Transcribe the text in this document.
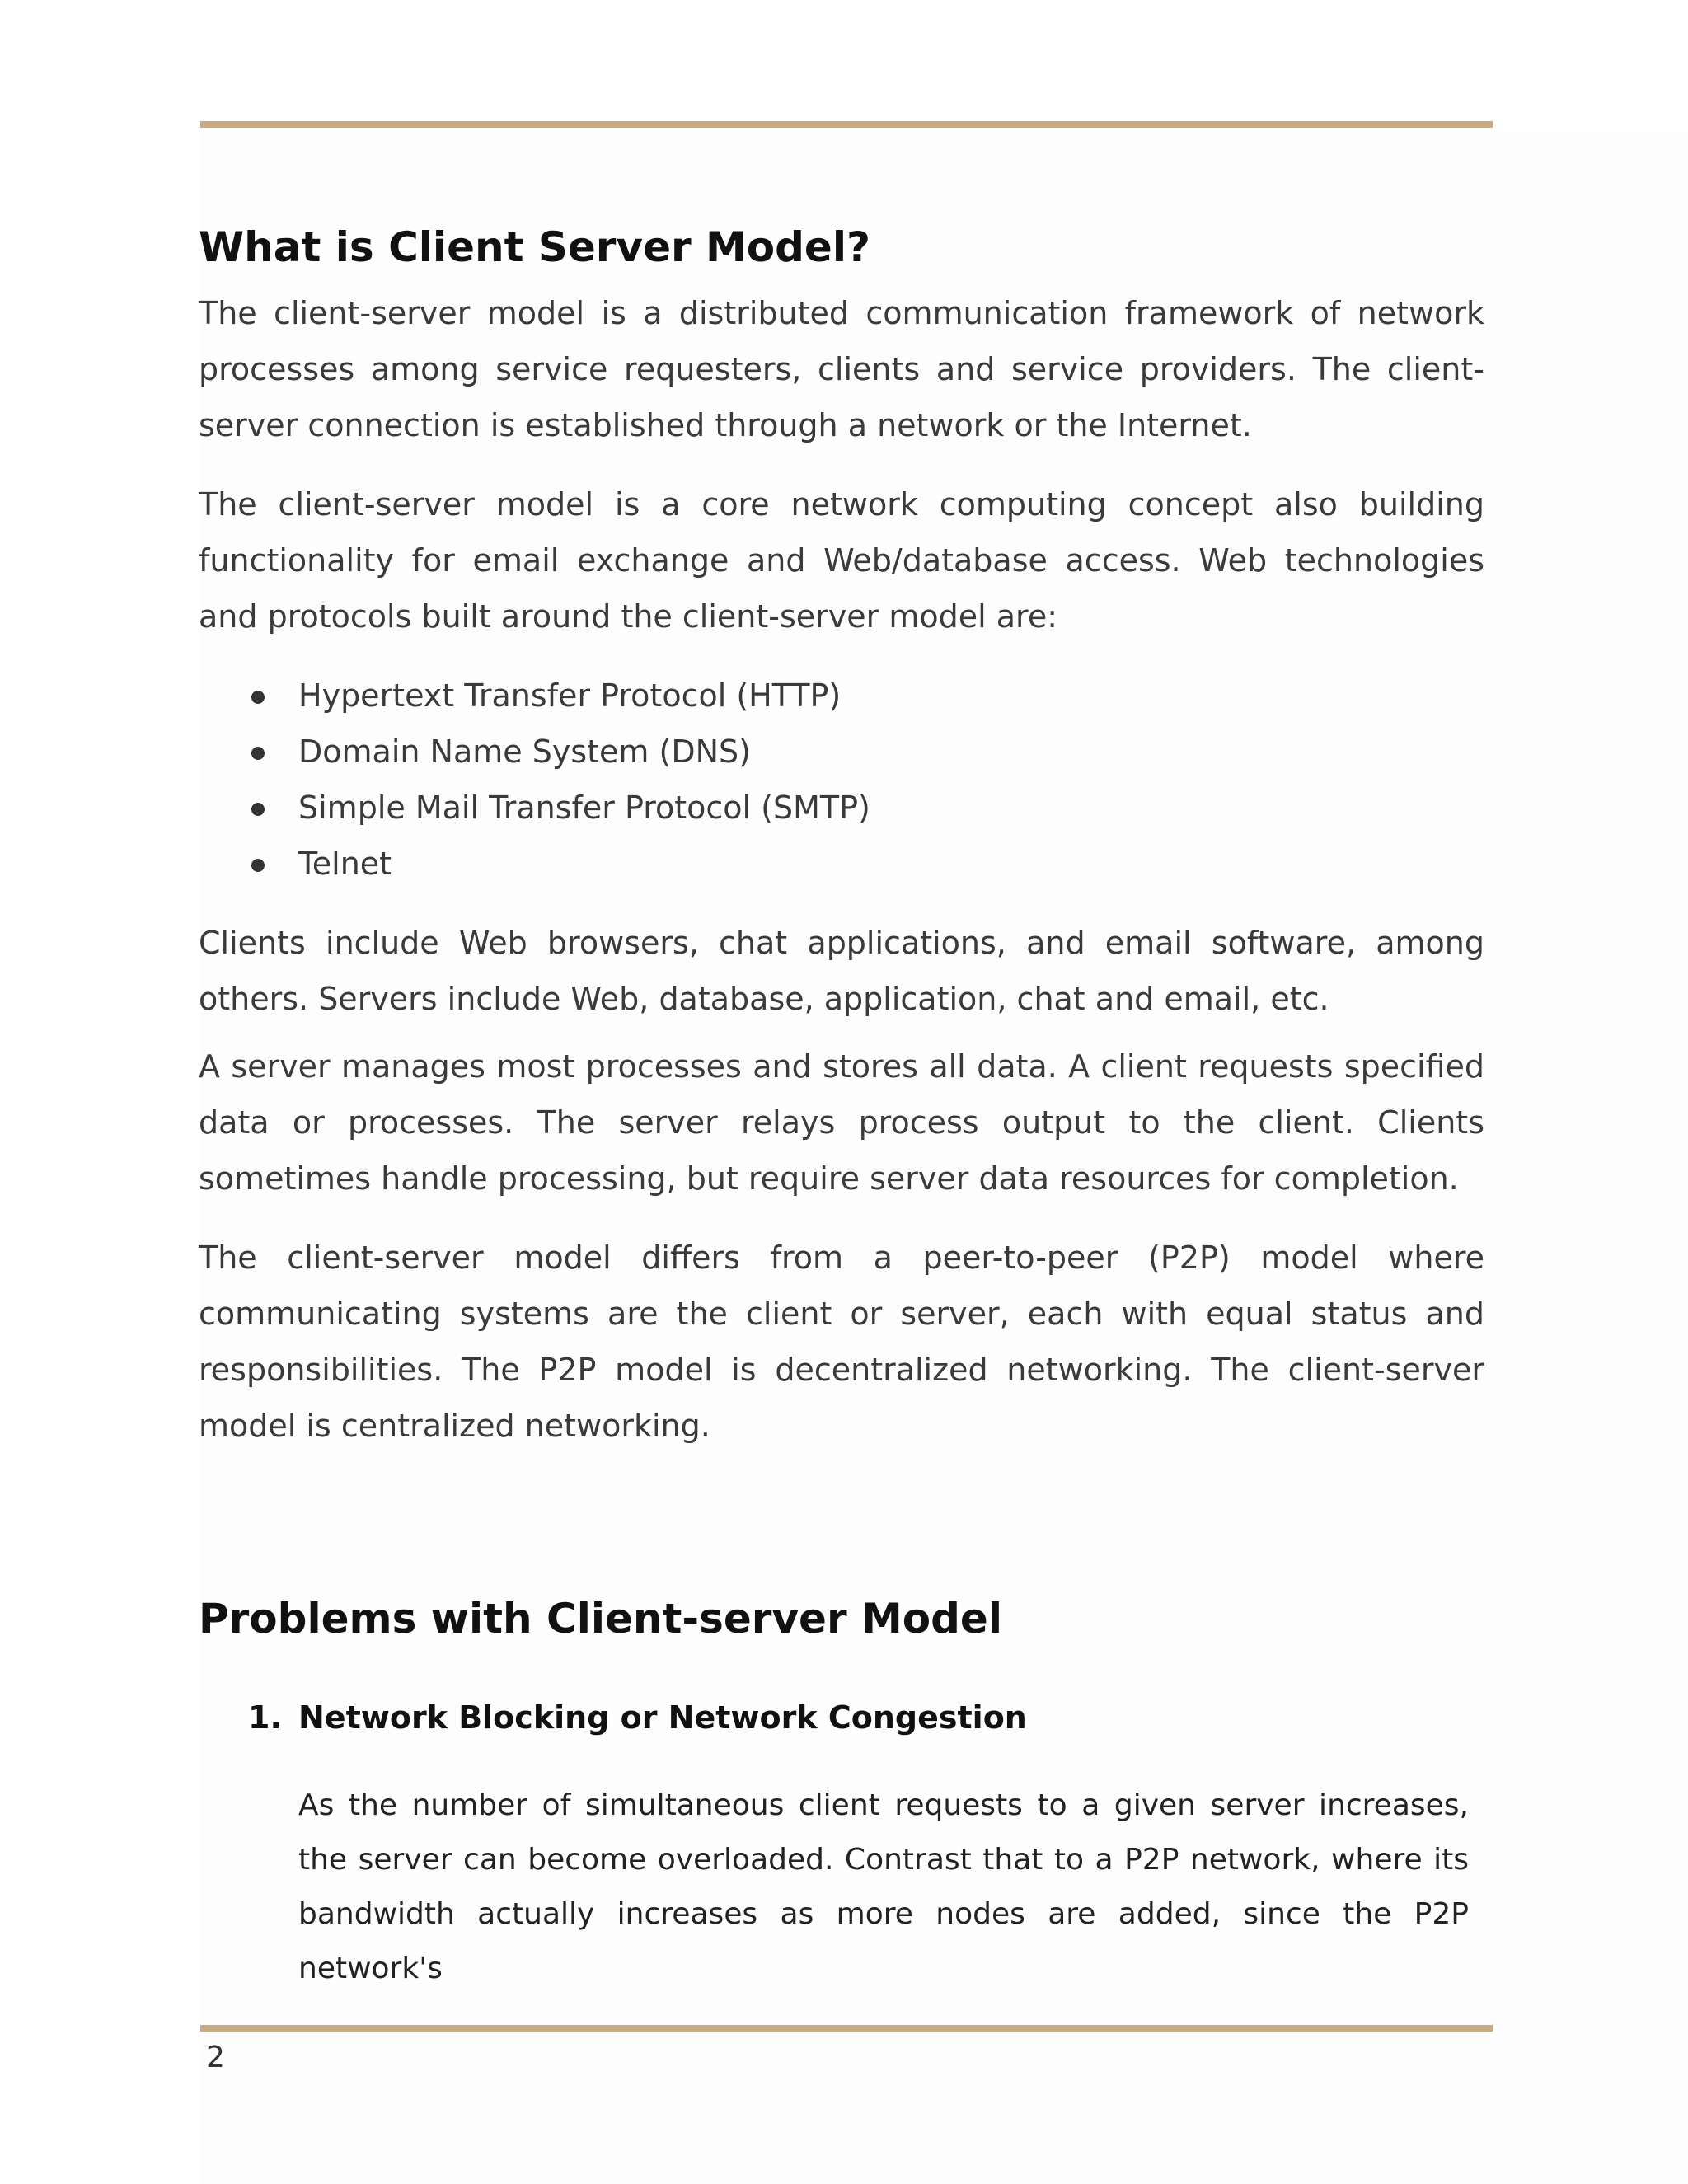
What is Client Server Model?

The client-server model is a distributed communication framework of network processes among service requesters, clients and service providers. The client-server connection is established through a network or the Internet.

The client-server model is a core network computing concept also building functionality for email exchange and Web/database access. Web technologies and protocols built around the client-server model are:

Hypertext Transfer Protocol (HTTP)
Domain Name System (DNS)
Simple Mail Transfer Protocol (SMTP)
Telnet

Clients include Web browsers, chat applications, and email software, among others. Servers include Web, database, application, chat and email, etc.

A server manages most processes and stores all data. A client requests specified data or processes. The server relays process output to the client. Clients sometimes handle processing, but require server data resources for completion.

The client-server model differs from a peer-to-peer (P2P) model where communicating systems are the client or server, each with equal status and responsibilities. The P2P model is decentralized networking. The client-server model is centralized networking.

Problems with Client-server Model
1. Network Blocking or Network Congestion

As the number of simultaneous client requests to a given server increases, the server can become overloaded. Contrast that to a P2P network, where its bandwidth actually increases as more nodes are added, since the P2P network's

2
